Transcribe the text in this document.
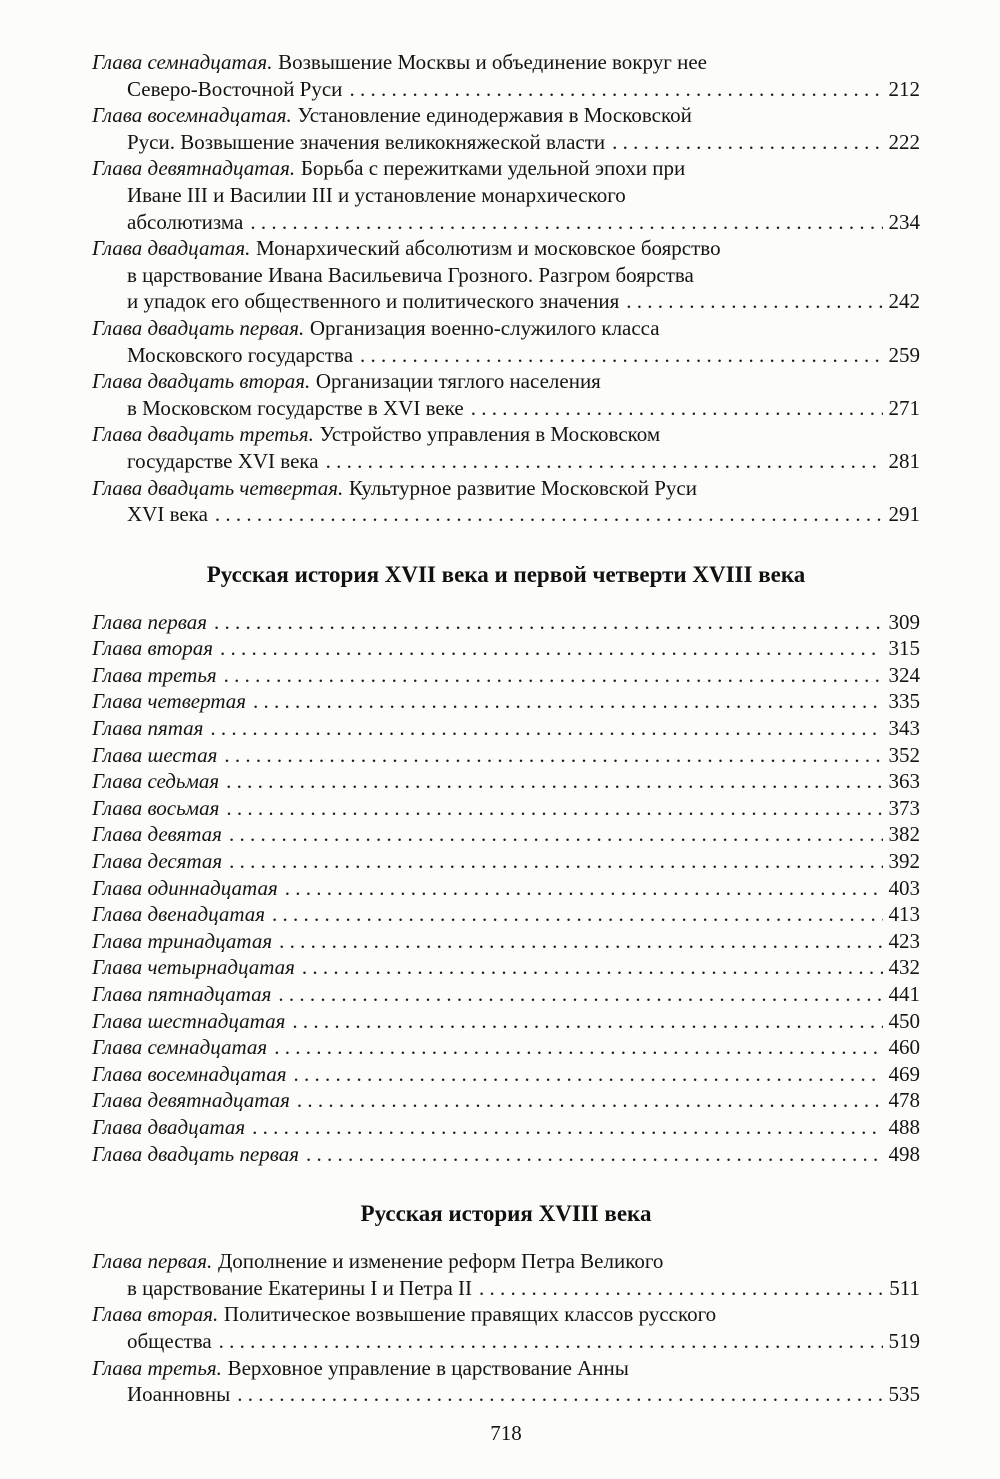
Глава семнадцатая. Возвышение Москвы и объединение вокруг нее
Северо-Восточной Руси . . .	212
Глава восемнадцатая. Установление единодержавия в Московской
Руси. Возвышение значения великокняжеской власти . . .	222
Глава девятнадцатая. Борьба с пережитками удельной эпохи при
Иване III и Василии III и установление монархического
абсолютизма . . .	234
Глава двадцатая. Монархический абсолютизм и московское боярство
в царствование Ивана Васильевича Грозного. Разгром боярства
и упадок его общественного и политического значения . . .	242
Глава двадцать первая. Организация военно-служилого класса
Московского государства . . .	259
Глава двадцать вторая. Организации тяглого населения
в Московском государстве в XVI веке . . .	271
Глава двадцать третья. Устройство управления в Московском
государстве XVI века . . .	281
Глава двадцать четвертая. Культурное развитие Московской Руси
XVI века . . .	291
Русская история XVII века и первой четверти XVIII века
Глава первая . . .	309
Глава вторая . . .	315
Глава третья . . .	324
Глава четвертая . . .	335
Глава пятая . . .	343
Глава шестая . . .	352
Глава седьмая . . .	363
Глава восьмая . . .	373
Глава девятая . . .	382
Глава десятая . . .	392
Глава одиннадцатая . . .	403
Глава двенадцатая . . .	413
Глава тринадцатая . . .	423
Глава четырнадцатая . . .	432
Глава пятнадцатая . . .	441
Глава шестнадцатая . . .	450
Глава семнадцатая . . .	460
Глава восемнадцатая . . .	469
Глава девятнадцатая . . .	478
Глава двадцатая . . .	488
Глава двадцать первая . . .	498
Русская история XVIII века
Глава первая. Дополнение и изменение реформ Петра Великого
в царствование Екатерины I и Петра II . . .	511
Глава вторая. Политическое возвышение правящих классов русского
общества . . .	519
Глава третья. Верховное управление в царствование Анны
Иоанновны . . .	535
718
